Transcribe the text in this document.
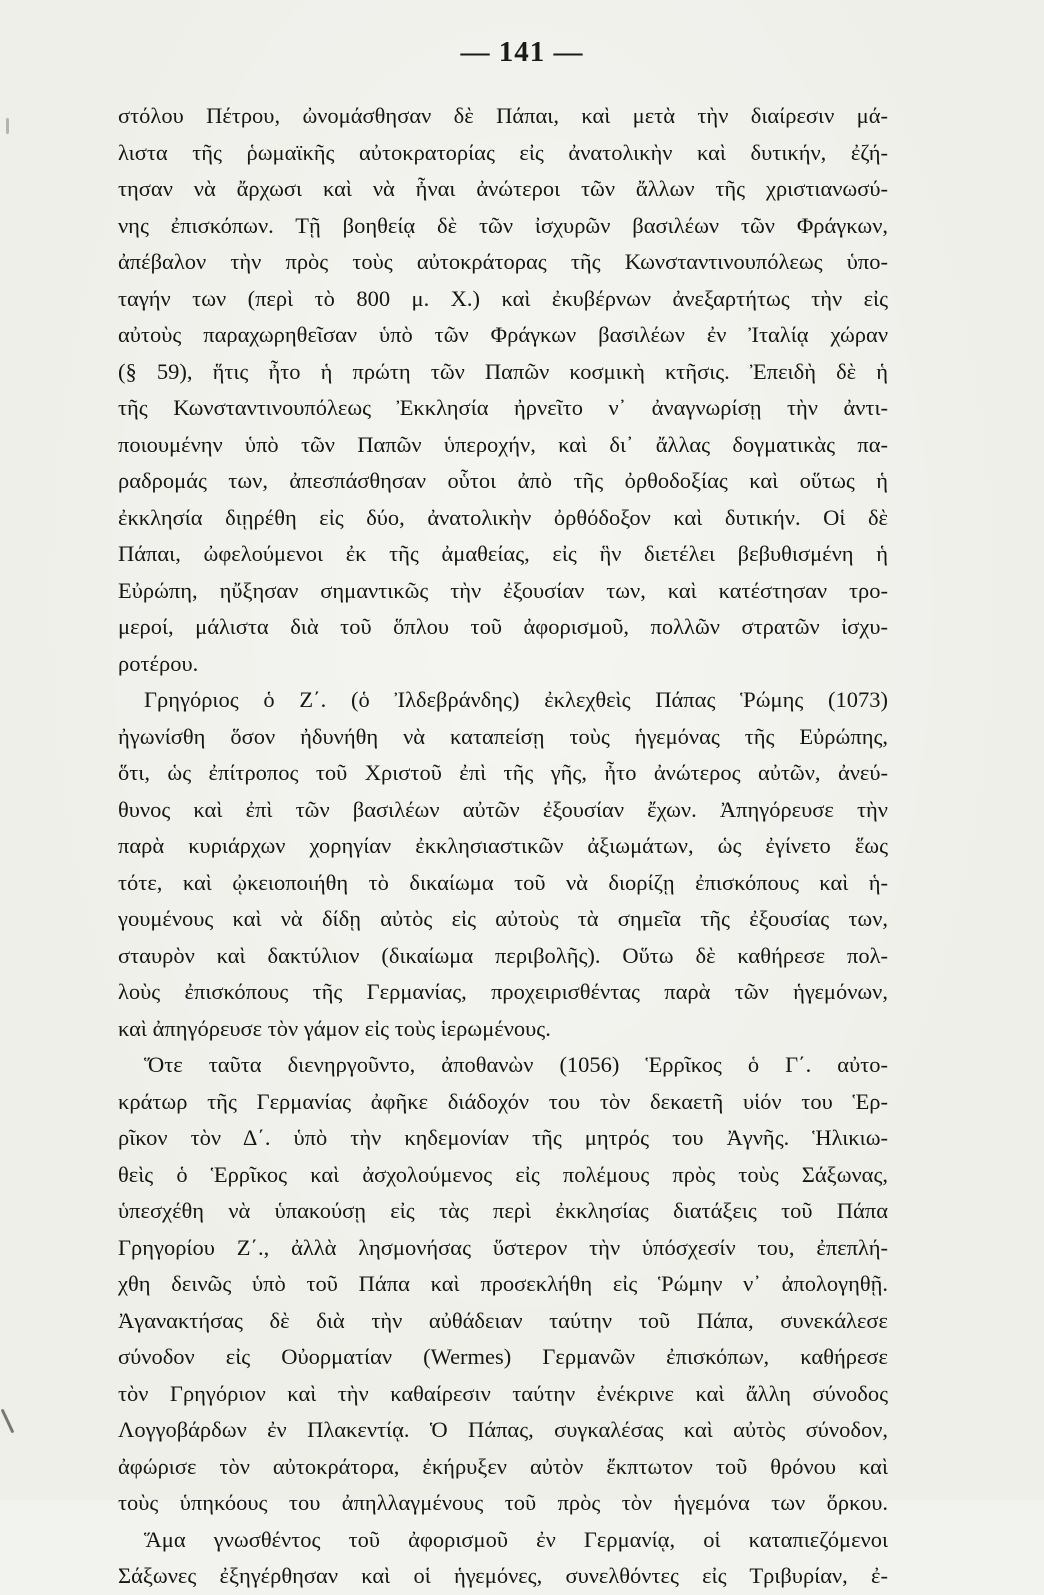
— 141 —
στόλου Πέτρου, ὠνομάσθησαν δὲ Πάπαι, καὶ μετὰ τὴν διαίρεσιν μά-
λιστα τῆς ῥωμαϊκῆς αὐτοκρατορίας εἰς ἀνατολικὴν καὶ δυτικήν, ἐζή-
τησαν νὰ ἄρχωσι καὶ νὰ ἦναι ἀνώτεροι τῶν ἄλλων τῆς χριστιανωσύ-
νης ἐπισκόπων. Τῇ βοηθείᾳ δὲ τῶν ἰσχυρῶν βασιλέων τῶν Φράγκων,
ἀπέβαλον τὴν πρὸς τοὺς αὐτοκράτορας τῆς Κωνσταντινουπόλεως ὑπο-
ταγήν των (περὶ τὸ 800 μ. Χ.) καὶ ἐκυβέρνων ἀνεξαρτήτως τὴν εἰς
αὐτοὺς παραχωρηθεῖσαν ὑπὸ τῶν Φράγκων βασιλέων ἐν Ἰταλίᾳ χώραν
(§ 59), ἥτις ἦτο ἡ πρώτη τῶν Παπῶν κοσμικὴ κτῆσις. Ἐπειδὴ δὲ ἡ
τῆς Κωνσταντινουπόλεως Ἐκκλησία ἠρνεῖτο ν᾽ ἀναγνωρίσῃ τὴν ἀντι-
ποιουμένην ὑπὸ τῶν Παπῶν ὑπεροχήν, καὶ δι᾽ ἄλλας δογματικὰς πα-
ραδρομάς των, ἀπεσπάσθησαν οὗτοι ἀπὸ τῆς ὀρθοδοξίας καὶ οὕτως ἡ
ἐκκλησία διῃρέθη εἰς δύο, ἀνατολικὴν ὀρθόδοξον καὶ δυτικήν. Οἱ δὲ
Πάπαι, ὠφελούμενοι ἐκ τῆς ἀμαθείας, εἰς ἣν διετέλει βεβυθισμένη ἡ
Εὐρώπη, ηὔξησαν σημαντικῶς τὴν ἐξουσίαν των, καὶ κατέστησαν τρο-
μεροί, μάλιστα διὰ τοῦ ὅπλου τοῦ ἀφορισμοῦ, πολλῶν στρατῶν ἰσχυ-
ροτέρου.
Γρηγόριος ὁ Ζ΄. (ὁ Ἰλδεβράνδης) ἐκλεχθεὶς Πάπας Ῥώμης (1073)
ἠγωνίσθη ὅσον ἠδυνήθη νὰ καταπείσῃ τοὺς ἡγεμόνας τῆς Εὐρώπης,
ὅτι, ὡς ἐπίτροπος τοῦ Χριστοῦ ἐπὶ τῆς γῆς, ἦτο ἀνώτερος αὐτῶν, ἀνεύ-
θυνος καὶ ἐπὶ τῶν βασιλέων αὐτῶν ἐξουσίαν ἔχων. Ἀπηγόρευσε τὴν
παρὰ κυριάρχων χορηγίαν ἐκκλησιαστικῶν ἀξιωμάτων, ὡς ἐγίνετο ἕως
τότε, καὶ ᾠκειοποιήθη τὸ δικαίωμα τοῦ νὰ διορίζῃ ἐπισκόπους καὶ ἡ-
γουμένους καὶ νὰ δίδῃ αὐτὸς εἰς αὐτοὺς τὰ σημεῖα τῆς ἐξουσίας των,
σταυρὸν καὶ δακτύλιον (δικαίωμα περιβολῆς). Οὕτω δὲ καθήρεσε πολ-
λοὺς ἐπισκόπους τῆς Γερμανίας, προχειρισθέντας παρὰ τῶν ἡγεμόνων,
καὶ ἀπηγόρευσε τὸν γάμον εἰς τοὺς ἱερωμένους.
Ὅτε ταῦτα διενηργοῦντο, ἀποθανὼν (1056) Ἑρρῖκος ὁ Γ΄. αὐτο-
κράτωρ τῆς Γερμανίας ἀφῆκε διάδοχόν του τὸν δεκαετῆ υἱόν του Ἑρ-
ρῖκον τὸν Δ΄. ὑπὸ τὴν κηδεμονίαν τῆς μητρός του Ἀγνῆς. Ἡλικιω-
θεὶς ὁ Ἑρρῖκος καὶ ἀσχολούμενος εἰς πολέμους πρὸς τοὺς Σάξωνας,
ὑπεσχέθη νὰ ὑπακούσῃ εἰς τὰς περὶ ἐκκλησίας διατάξεις τοῦ Πάπα
Γρηγορίου Ζ΄., ἀλλὰ λησμονήσας ὕστερον τὴν ὑπόσχεσίν του, ἐπεπλή-
χθη δεινῶς ὑπὸ τοῦ Πάπα καὶ προσεκλήθη εἰς Ῥώμην ν᾽ ἀπολογηθῇ.
Ἀγανακτήσας δὲ διὰ τὴν αὐθάδειαν ταύτην τοῦ Πάπα, συνεκάλεσε
σύνοδον εἰς Οὐορματίαν (Wermes) Γερμανῶν ἐπισκόπων, καθήρεσε
τὸν Γρηγόριον καὶ τὴν καθαίρεσιν ταύτην ἐνέκρινε καὶ ἄλλη σύνοδος
Λογγοβάρδων ἐν Πλακεντίᾳ. Ὁ Πάπας, συγκαλέσας καὶ αὐτὸς σύνοδον,
ἀφώρισε τὸν αὐτοκράτορα, ἐκήρυξεν αὐτὸν ἔκπτωτον τοῦ θρόνου καὶ
τοὺς ὑπηκόους του ἀπηλλαγμένους τοῦ πρὸς τὸν ἡγεμόνα των ὅρκου.
Ἅμα γνωσθέντος τοῦ ἀφορισμοῦ ἐν Γερμανίᾳ, οἱ καταπιεζόμενοι
Σάξωνες ἐξηγέρθησαν καὶ οἱ ἡγεμόνες, συνελθόντες εἰς Τριβυρίαν, ἐ-
